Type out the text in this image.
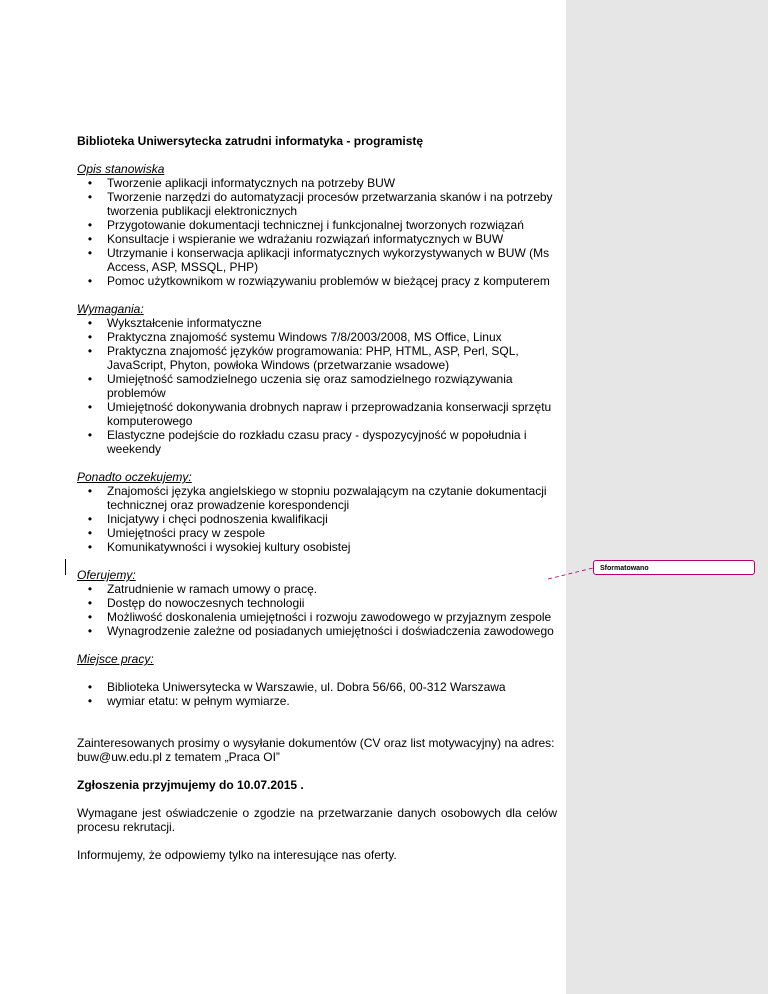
Biblioteka Uniwersytecka zatrudni informatyka - programistę
Opis stanowiska
• Tworzenie aplikacji informatycznych na potrzeby BUW
• Tworzenie narzędzi do automatyzacji procesów przetwarzania skanów i na potrzeby tworzenia publikacji elektronicznych
• Przygotowanie dokumentacji technicznej i funkcjonalnej tworzonych rozwiązań
• Konsultacje i wspieranie we wdrażaniu rozwiązań informatycznych w BUW
• Utrzymanie i konserwacja aplikacji informatycznych wykorzystywanych w BUW (Ms Access, ASP, MSSQL, PHP)
• Pomoc użytkownikom w rozwiązywaniu problemów w bieżącej pracy z komputerem
Wymagania:
• Wykształcenie informatyczne
• Praktyczna znajomość systemu Windows 7/8/2003/2008, MS Office, Linux
• Praktyczna znajomość języków programowania: PHP, HTML, ASP, Perl, SQL, JavaScript, Phyton, powłoka Windows (przetwarzanie wsadowe)
• Umiejętność samodzielnego uczenia się oraz samodzielnego rozwiązywania problemów
• Umiejętność dokonywania drobnych napraw i przeprowadzania konserwacji sprzętu komputerowego
• Elastyczne podejście do rozkładu czasu pracy - dyspozycyjność w popołudnia i weekendy
Ponadto oczekujemy:
• Znajomości języka angielskiego w stopniu pozwalającym na czytanie dokumentacji technicznej oraz prowadzenie korespondencji
• Inicjatywy i chęci podnoszenia kwalifikacji
• Umiejętności pracy w zespole
• Komunikatywności i wysokiej kultury osobistej
Oferujemy:
• Zatrudnienie w ramach umowy o pracę.
• Dostęp do nowoczesnych technologii
• Możliwość doskonalenia umiejętności i rozwoju zawodowego w przyjaznym zespole
• Wynagrodzenie zależne od posiadanych umiejętności i doświadczenia zawodowego
Miejsce pracy:
• Biblioteka Uniwersytecka w Warszawie, ul. Dobra 56/66, 00-312 Warszawa
• wymiar etatu: w pełnym wymiarze.

Zainteresowanych prosimy o wysyłanie dokumentów (CV oraz list motywacyjny) na adres: buw@uw.edu.pl z tematem „Praca OI”

Zgłoszenia przyjmujemy do 10.07.2015 .

Wymagane jest oświadczenie o zgodzie na przetwarzanie danych osobowych dla celów procesu rekrutacji.

Informujemy, że odpowiemy tylko na interesujące nas oferty.

Sformatowano
